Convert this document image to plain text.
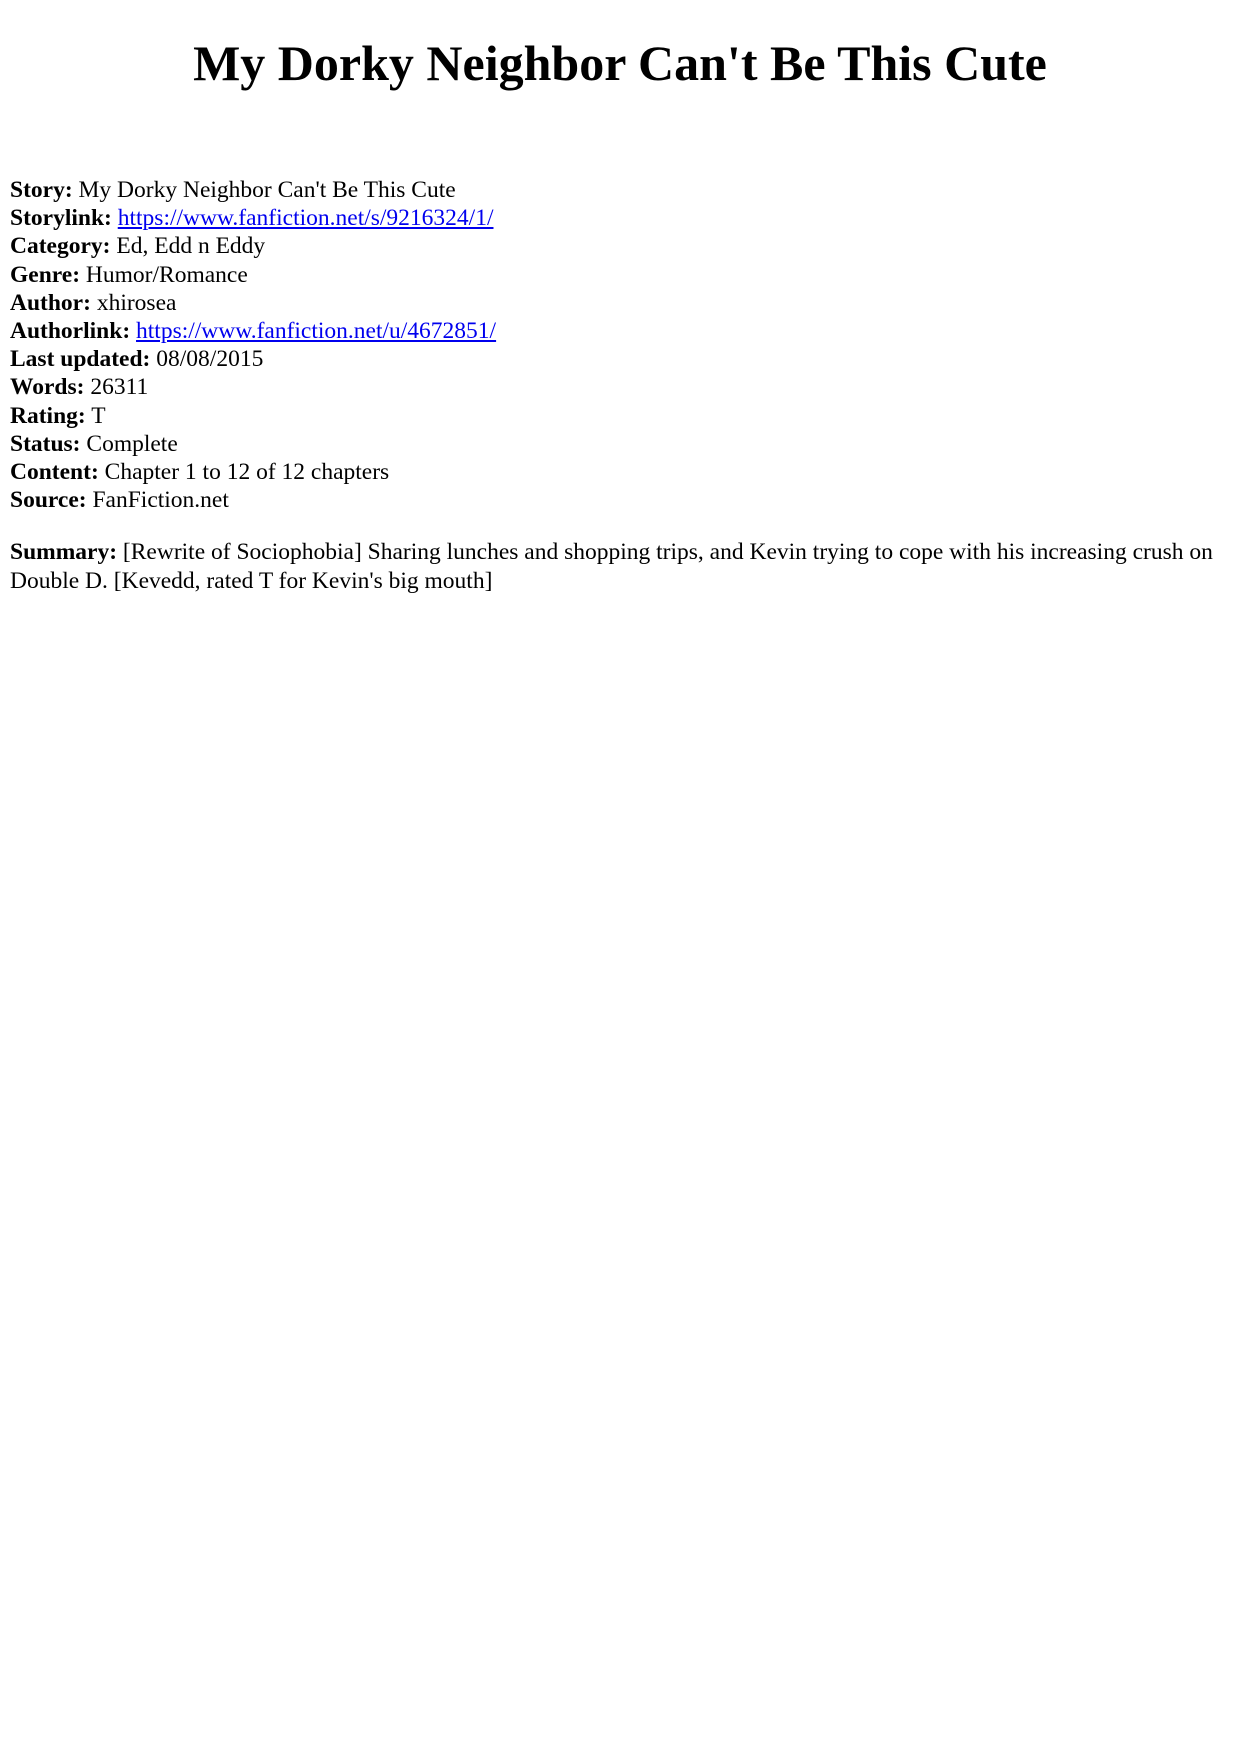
My Dorky Neighbor Can't Be This Cute
Story: My Dorky Neighbor Can't Be This Cute
Storylink: https://www.fanfiction.net/s/9216324/1/
Category: Ed, Edd n Eddy
Genre: Humor/Romance
Author: xhirosea
Authorlink: https://www.fanfiction.net/u/4672851/
Last updated: 08/08/2015
Words: 26311
Rating: T
Status: Complete
Content: Chapter 1 to 12 of 12 chapters
Source: FanFiction.net
Summary: [Rewrite of Sociophobia] Sharing lunches and shopping trips, and Kevin trying to cope with his increasing crush on Double D. [Kevedd, rated T for Kevin's big mouth]
